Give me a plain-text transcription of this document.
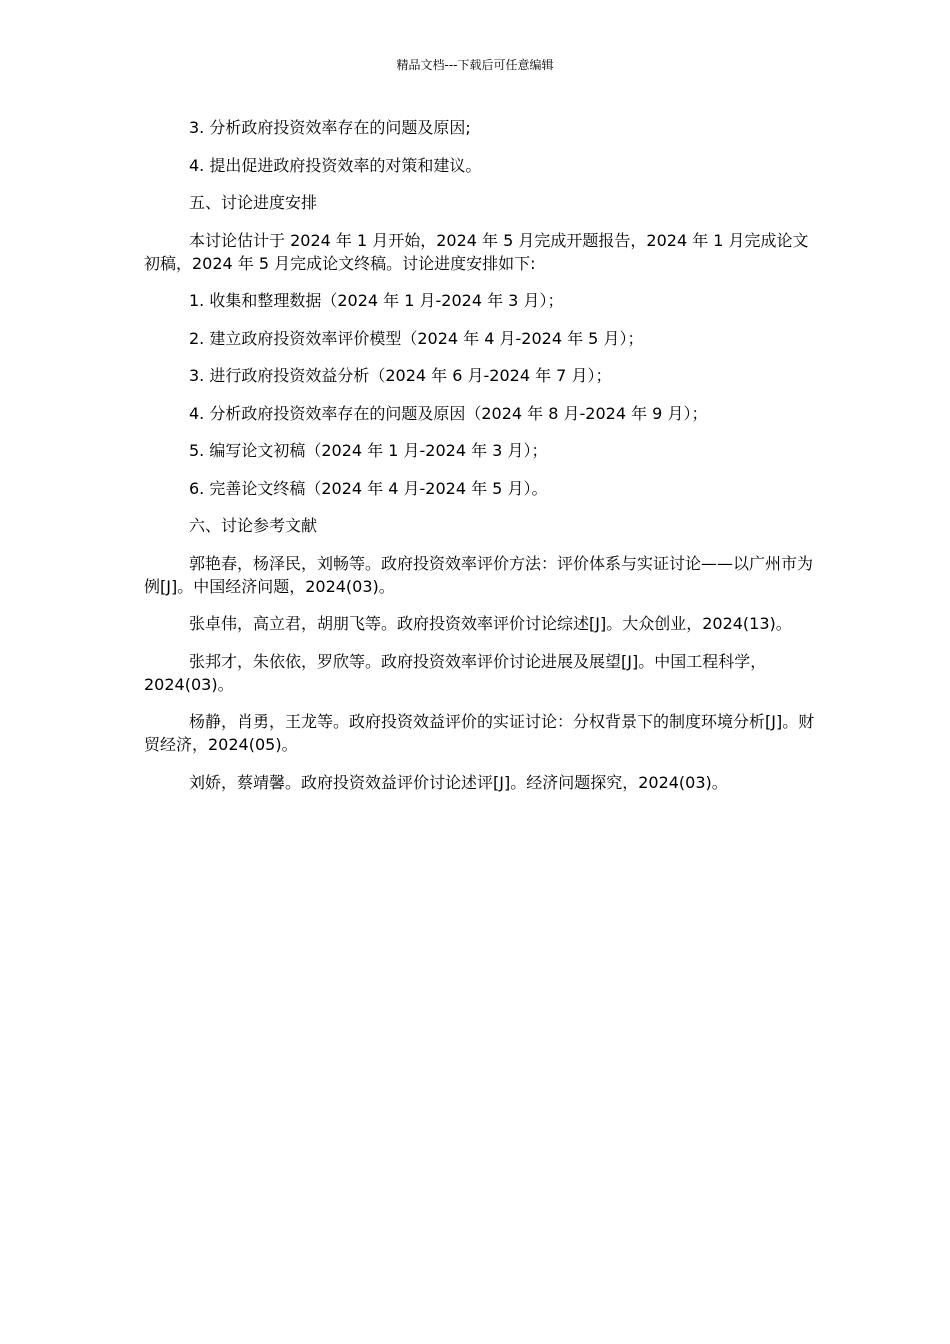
精品文档---下载后可任意编辑

3. 分析政府投资效率存在的问题及原因;

4. 提出促进政府投资效率的对策和建议。

五、讨论进度安排

本讨论估计于 2024 年 1 月开始，2024 年 5 月完成开题报告，2024 年 1 月完成论文初稿，2024 年 5 月完成论文终稿。讨论进度安排如下:

1. 收集和整理数据（2024 年 1 月-2024 年 3 月）；

2. 建立政府投资效率评价模型（2024 年 4 月-2024 年 5 月）；

3. 进行政府投资效益分析（2024 年 6 月-2024 年 7 月）；

4. 分析政府投资效率存在的问题及原因（2024 年 8 月-2024 年 9 月）；

5. 编写论文初稿（2024 年 1 月-2024 年 3 月）；

6. 完善论文终稿（2024 年 4 月-2024 年 5 月）。

六、讨论参考文献

郭艳春，杨泽民，刘畅等。政府投资效率评价方法：评价体系与实证讨论——以广州市为例[J]。中国经济问题，2024(03)。

张卓伟，高立君，胡朋飞等。政府投资效率评价讨论综述[J]。大众创业，2024(13)。

张邦才，朱依依，罗欣等。政府投资效率评价讨论进展及展望[J]。中国工程科学，2024(03)。

杨静，肖勇，王龙等。政府投资效益评价的实证讨论：分权背景下的制度环境分析[J]。财贸经济，2024(05)。

刘娇，蔡靖馨。政府投资效益评价讨论述评[J]。经济问题探究，2024(03)。
